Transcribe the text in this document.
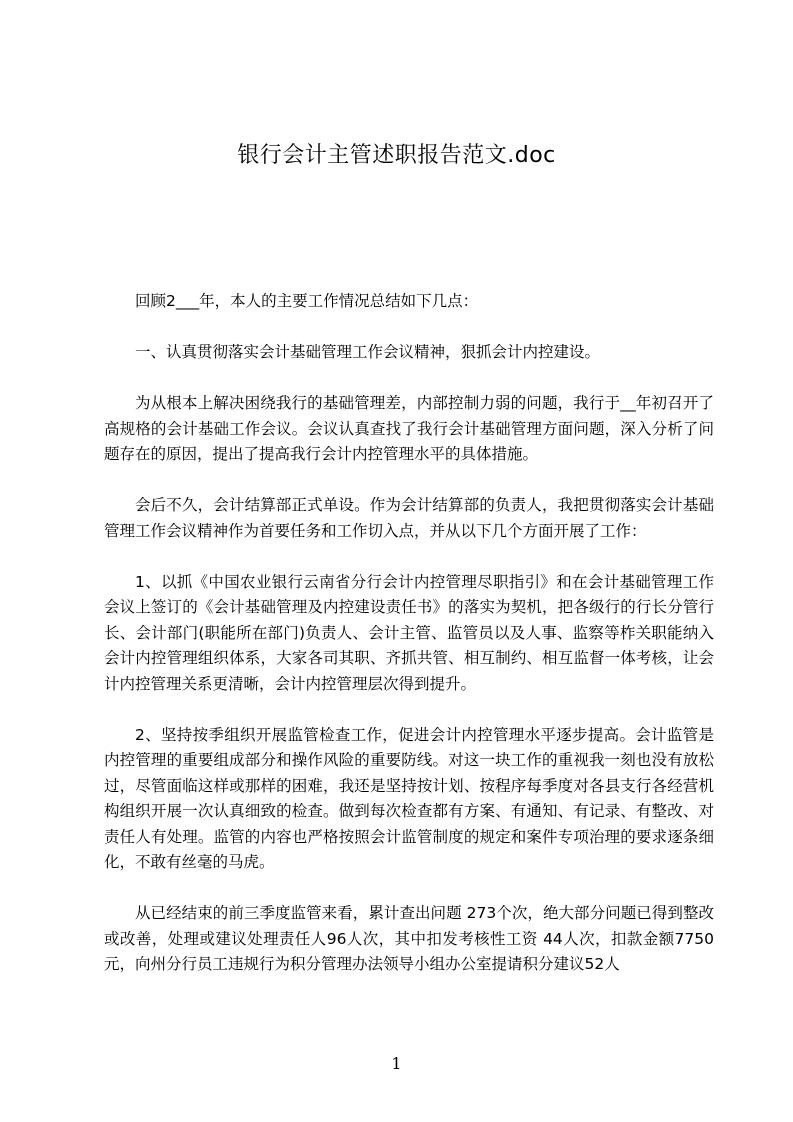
银行会计主管述职报告范文.doc

回顾2___年，本人的主要工作情况总结如下几点：

一、认真贯彻落实会计基础管理工作会议精神，狠抓会计内控建设。

为从根本上解决困绕我行的基础管理差，内部控制力弱的问题，我行于__年初召开了高规格的会计基础工作会议。会议认真查找了我行会计基础管理方面问题，深入分析了问题存在的原因，提出了提高我行会计内控管理水平的具体措施。

会后不久，会计结算部正式单设。作为会计结算部的负责人，我把贯彻落实会计基础管理工作会议精神作为首要任务和工作切入点，并从以下几个方面开展了工作：

1、以抓《中国农业银行云南省分行会计内控管理尽职指引》和在会计基础管理工作会议上签订的《会计基础管理及内控建设责任书》的落实为契机，把各级行的行长分管行长、会计部门(职能所在部门)负责人、会计主管、监管员以及人事、监察等柞关职能纳入会计内控管理组织体系，大家各司其职、齐抓共管、相互制约、相互监督一体考核，让会计内控管理关系更清晰，会计内控管理层次得到提升。

2、坚持按季组织开展监管检查工作，促进会计内控管理水平逐步提高。会计监管是内控管理的重要组成部分和操作风险的重要防线。对这一块工作的重视我一刻也没有放松过，尽管面临这样或那样的困难，我还是坚持按计划、按程序每季度对各县支行各经营机构组织开展一次认真细致的检查。做到每次检查都有方案、有通知、有记录、有整改、对责任人有处理。监管的内容也严格按照会计监管制度的规定和案件专项治理的要求逐条细化，不敢有丝毫的马虎。

从已经结束的前三季度监管来看，累计查出问题 273个次，绝大部分问题已得到整改或改善，处理或建议处理责任人96人次，其中扣发考核性工资 44人次，扣款金额7750元，向州分行员工违规行为积分管理办法领导小组办公室提请积分建议52人

1
